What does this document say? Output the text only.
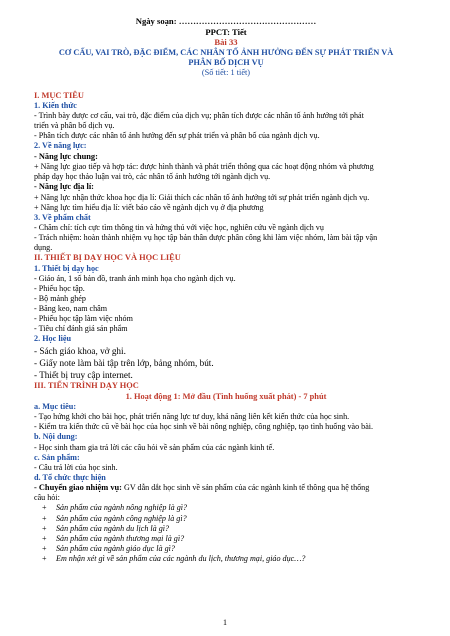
Ngày soạn: …………………………………………
PPCT: Tiết
Bài 33
CƠ CẤU, VAI TRÒ, ĐẶC ĐIỂM, CÁC NHÂN TỐ ẢNH HƯỞNG ĐẾN SỰ PHÁT TRIỂN VÀ
PHÂN BỐ DỊCH VỤ
(Số tiết: 1 tiết)
I. MỤC TIÊU
1. Kiến thức
- Trình bày được cơ cấu, vai trò, đặc điểm của dịch vụ; phân tích được các nhân tố ảnh hưởng tới phát
triển và phân bố dịch vụ.
- Phân tích được các nhân tố ảnh hưởng đến sự phát triển và phân bố của ngành dịch vụ.
2. Về năng lực:
- Năng lực chung:
+ Năng lực giao tiếp và hợp tác: được hình thành và phát triển thông qua các hoạt động nhóm và phương
pháp dạy học thảo luận vai trò, các nhân tố ảnh hưởng tới ngành dịch vụ.
- Năng lực địa lí:
+ Năng lực nhận thức khoa học địa lí: Giải thích các nhân tố ảnh hưởng tới sự phát triển ngành dịch vụ.
+ Năng lực tìm hiểu địa lí: viết báo cáo về ngành dịch vụ ở địa phương
3. Về phẩm chất
- Chăm chỉ: tích cực tìm thông tin và hứng thú với việc học, nghiên cứu về ngành dịch vụ
- Trách nhiệm: hoàn thành nhiệm vụ học tập bản thân được phân công khi làm việc nhóm, làm bài tập vận
dụng.
II. THIẾT BỊ DẠY HỌC VÀ HỌC LIỆU
1. Thiết bị dạy học
- Giáo án, 1 số bản đồ, tranh ảnh minh họa cho ngành dịch vụ.
- Phiếu học tập.
- Bộ mảnh ghép
- Băng keo, nam châm
- Phiếu học tập làm việc nhóm
- Tiêu chí đánh giá sản phẩm
2. Học liệu
- Sách giáo khoa, vở ghi.
- Giấy note làm bài tập trên lớp, bảng nhóm, bút.
- Thiết bị truy cập internet.
III. TIẾN TRÌNH DẠY HỌC
1. Hoạt động 1: Mở đầu (Tình huống xuất phát) - 7 phút
a. Mục tiêu:
- Tạo hứng khởi cho bài học, phát triển năng lực tư duy, khả năng liên kết kiến thức của học sinh.
- Kiểm tra kiến thức cũ về bài học của học sinh về bài nông nghiệp, công nghiệp, tạo tình huống vào bài.
b. Nội dung:
- Học sinh tham gia trả lời các câu hỏi về sản phẩm của các ngành kinh tế.
c. Sản phẩm:
- Câu trả lời của học sinh.
d. Tổ chức thực hiện
- Chuyển giao nhiệm vụ: GV dẫn dắt học sinh về sản phẩm của các ngành kinh tế thông qua hệ thống
câu hỏi:
+ Sản phẩm của ngành nông nghiệp là gì?
+ Sản phẩm của ngành công nghiệp là gì?
+ Sản phẩm của ngành du lịch là gì?
+ Sản phẩm của ngành thương mại là gì?
+ Sản phẩm của ngành giáo dục là gì?
+ Em nhận xét gì về sản phẩm của các ngành du lịch, thương mại, giáo dục…?
1
